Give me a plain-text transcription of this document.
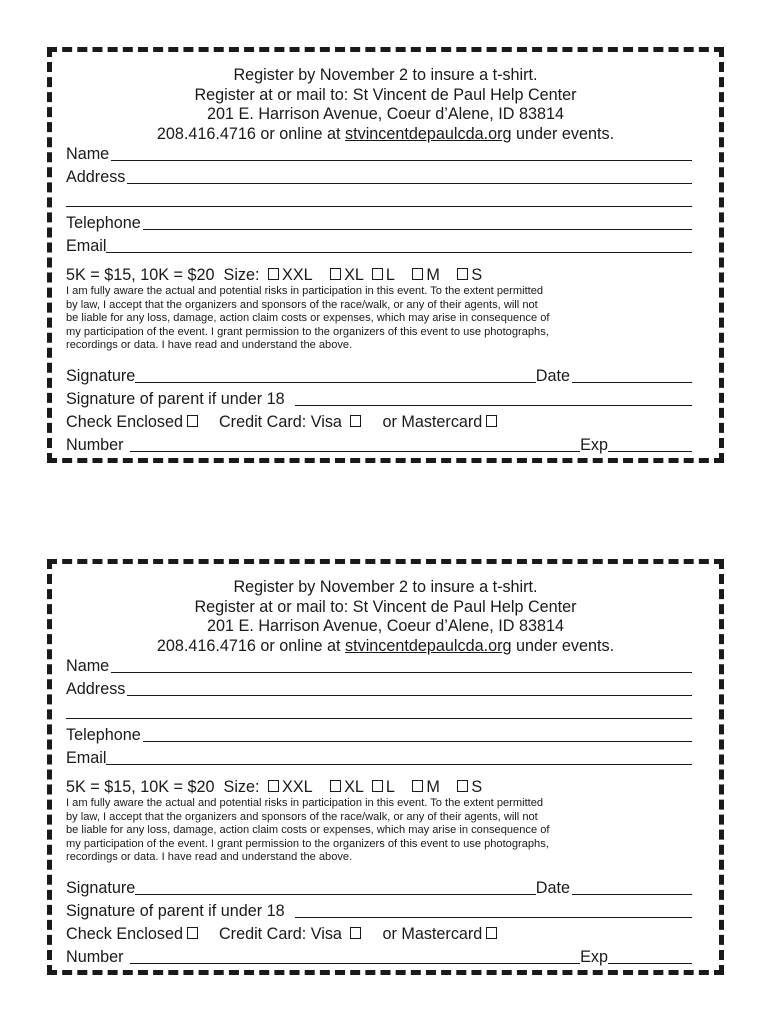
Register by November 2 to insure a t-shirt.
Register at or mail to: St Vincent de Paul Help Center
201 E. Harrison Avenue, Coeur d’Alene, ID 83814
208.416.4716 or online at stvincentdepaulcda.org under events.
Name
Address
Telephone
Email
5K = $15, 10K = $20 Size: XXL XL L M S
I am fully aware the actual and potential risks in participation in this event. To the extent permitted
by law, I accept that the organizers and sponsors of the race/walk, or any of their agents, will not
be liable for any loss, damage, action claim costs or expenses, which may arise in consequence of
my participation of the event. I grant permission to the organizers of this event to use photographs,
recordings or data. I have read and understand the above.
Signature	Date
Signature of parent if under 18
Check Enclosed Credit Card: Visa	or Mastercard
Number	Exp
Register by November 2 to insure a t-shirt.
Register at or mail to: St Vincent de Paul Help Center
201 E. Harrison Avenue, Coeur d’Alene, ID 83814
208.416.4716 or online at stvincentdepaulcda.org under events.
Name
Address
Telephone
Email
5K = $15, 10K = $20 Size: XXL XL L M S
I am fully aware the actual and potential risks in participation in this event. To the extent permitted
by law, I accept that the organizers and sponsors of the race/walk, or any of their agents, will not
be liable for any loss, damage, action claim costs or expenses, which may arise in consequence of
my participation of the event. I grant permission to the organizers of this event to use photographs,
recordings or data. I have read and understand the above.
Signature	Date
Signature of parent if under 18
Check Enclosed Credit Card: Visa	or Mastercard
Number	Exp
